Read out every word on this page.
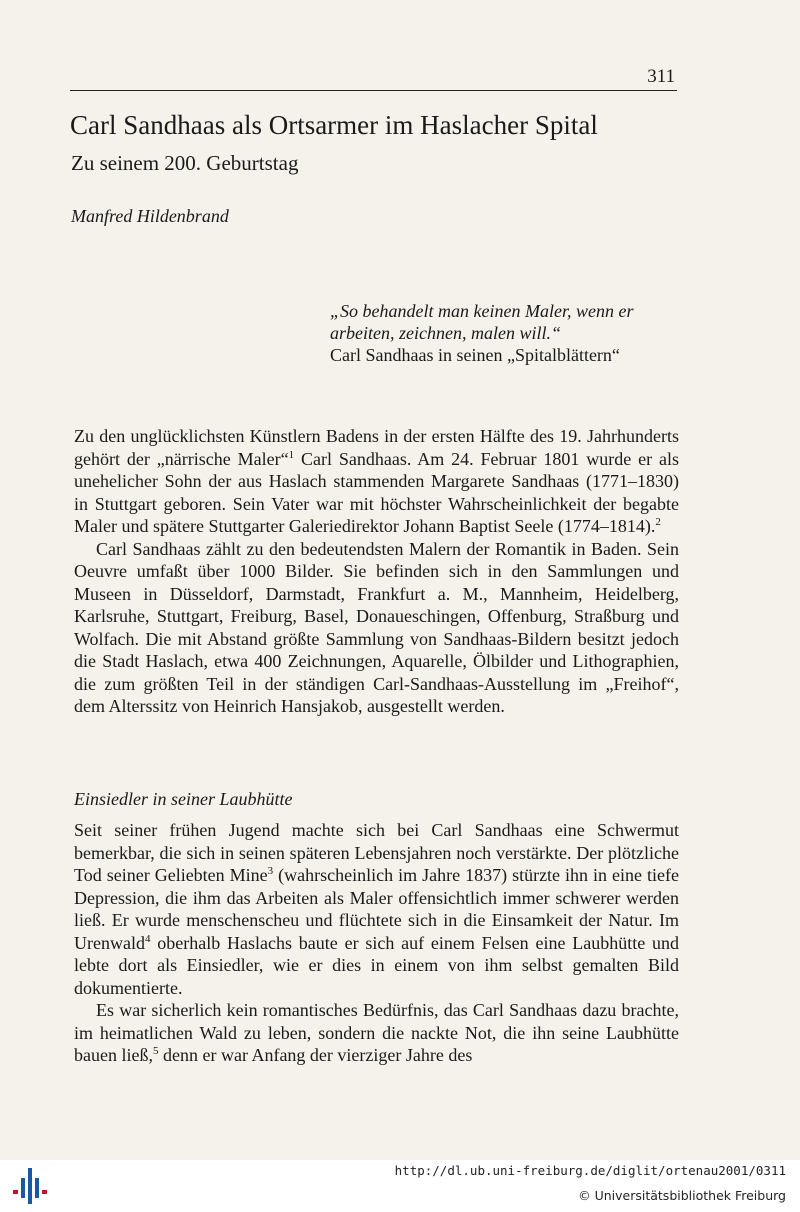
311
Carl Sandhaas als Ortsarmer im Haslacher Spital
Zu seinem 200. Geburtstag
Manfred Hildenbrand
„So behandelt man keinen Maler, wenn er
arbeiten, zeichnen, malen will.“
Carl Sandhaas in seinen „Spitalblättern“

Zu den unglücklichsten Künstlern Badens in der ersten Hälfte des 19. Jahrhunderts gehört der „närrische Maler“$^1$ Carl Sandhaas. Am 24. Februar 1801 wurde er als unehelicher Sohn der aus Haslach stammenden Margarete Sandhaas (1771–1830) in Stuttgart geboren. Sein Vater war mit höchster Wahrscheinlichkeit der begabte Maler und spätere Stuttgarter Galeriedirektor Johann Baptist Seele (1774–1814).$^2$

Carl Sandhaas zählt zu den bedeutendsten Malern der Romantik in Baden. Sein Oeuvre umfaßt über 1000 Bilder. Sie befinden sich in den Sammlungen und Museen in Düsseldorf, Darmstadt, Frankfurt a. M., Mannheim, Heidelberg, Karlsruhe, Stuttgart, Freiburg, Basel, Donaueschingen, Offenburg, Straßburg und Wolfach. Die mit Abstand größte Sammlung von Sandhaas-Bildern besitzt jedoch die Stadt Haslach, etwa 400 Zeichnungen, Aquarelle, Ölbilder und Lithographien, die zum größten Teil in der ständigen Carl-Sandhaas-Ausstellung im „Freihof“, dem Alterssitz von Heinrich Hansjakob, ausgestellt werden.

Einsiedler in seiner Laubhütte

Seit seiner frühen Jugend machte sich bei Carl Sandhaas eine Schwermut bemerkbar, die sich in seinen späteren Lebensjahren noch verstärkte. Der plötzliche Tod seiner Geliebten Mine$^3$ (wahrscheinlich im Jahre 1837) stürzte ihn in eine tiefe Depression, die ihm das Arbeiten als Maler offensichtlich immer schwerer werden ließ. Er wurde menschenscheu und flüchtete sich in die Einsamkeit der Natur. Im Urenwald$^4$ oberhalb Haslachs baute er sich auf einem Felsen eine Laubhütte und lebte dort als Einsiedler, wie er dies in einem von ihm selbst gemalten Bild dokumentierte.

Es war sicherlich kein romantisches Bedürfnis, das Carl Sandhaas dazu brachte, im heimatlichen Wald zu leben, sondern die nackte Not, die ihn seine Laubhütte bauen ließ,$^5$ denn er war Anfang der vierziger Jahre des

http://dl.ub.uni-freiburg.de/diglit/ortenau2001/0311
© Universitätsbibliothek Freiburg
